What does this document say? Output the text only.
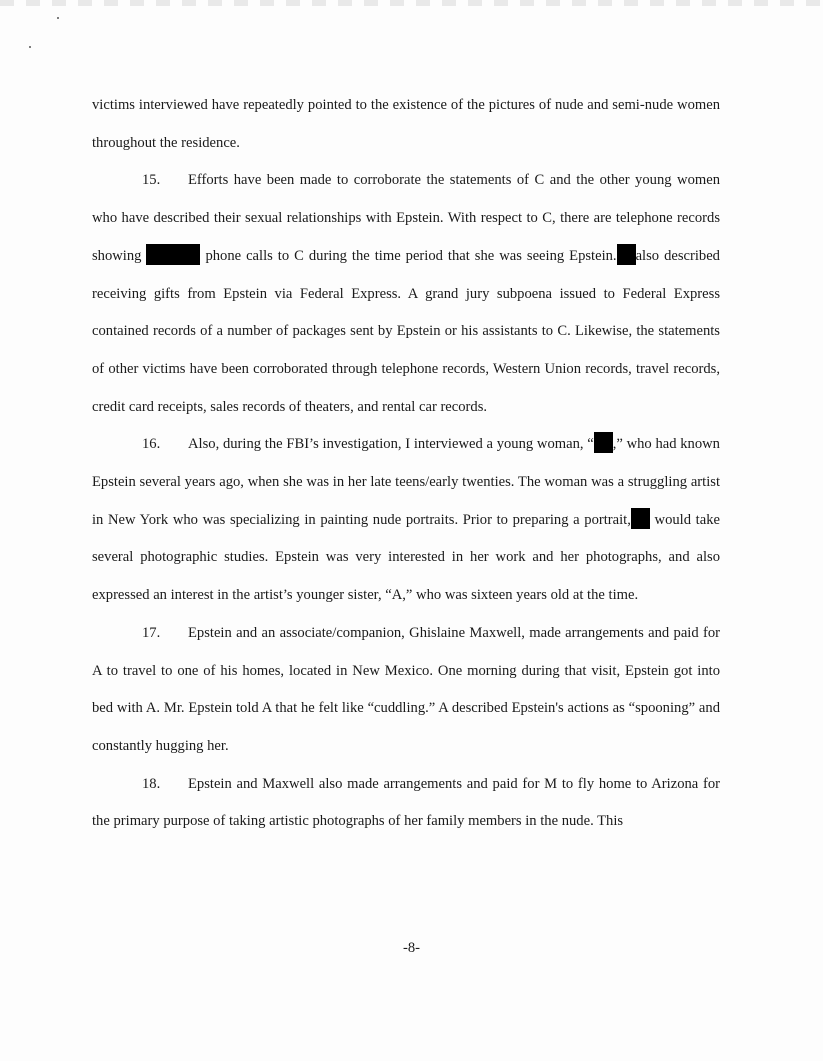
victims interviewed have repeatedly pointed to the existence of the pictures of nude and semi-nude women throughout the residence.

15. Efforts have been made to corroborate the statements of C and the other young women who have described their sexual relationships with Epstein. With respect to C, there are telephone records showing	phone calls to C during the time period that she was seeing Epstein. also described receiving gifts from Epstein via Federal Express. A grand jury subpoena issued to Federal Express contained records of a number of packages sent by Epstein or his assistants to C. Likewise, the statements of other victims have been corroborated through telephone records, Western Union records, travel records, credit card receipts, sales records of theaters, and rental car records.

16. Also, during the FBI’s investigation, I interviewed a young woman, “ ,” who had known Epstein several years ago, when she was in her late teens/early twenties. The woman was a struggling artist in New York who was specializing in painting nude portraits. Prior to preparing a portrait, would take several photographic studies. Epstein was very interested in her work and her photographs, and also expressed an interest in the artist’s younger sister, “A,” who was sixteen years old at the time.

17. Epstein and an associate/companion, Ghislaine Maxwell, made arrangements and paid for A to travel to one of his homes, located in New Mexico. One morning during that visit, Epstein got into bed with A. Mr. Epstein told A that he felt like “cuddling.” A described Epstein's actions as “spooning” and constantly hugging her.

18. Epstein and Maxwell also made arrangements and paid for M to fly home to Arizona for the primary purpose of taking artistic photographs of her family members in the nude. This

-8-
